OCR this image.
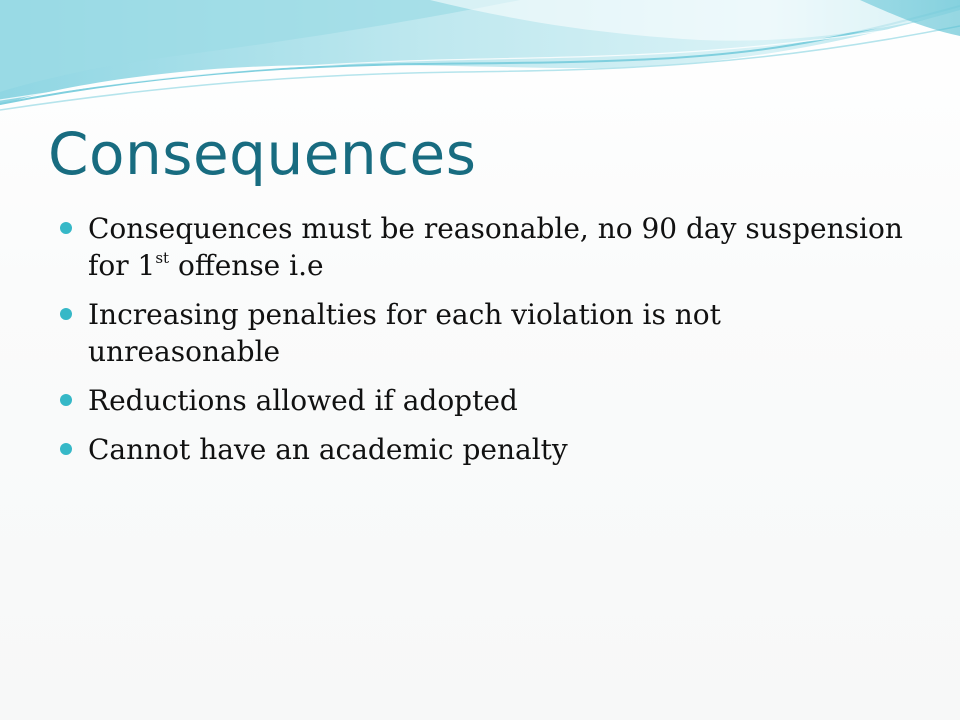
Consequences
Consequences must be reasonable, no 90 day suspension for 1st offense i.e
Increasing penalties for each violation is not unreasonable
Reductions allowed if adopted
Cannot have an academic penalty
